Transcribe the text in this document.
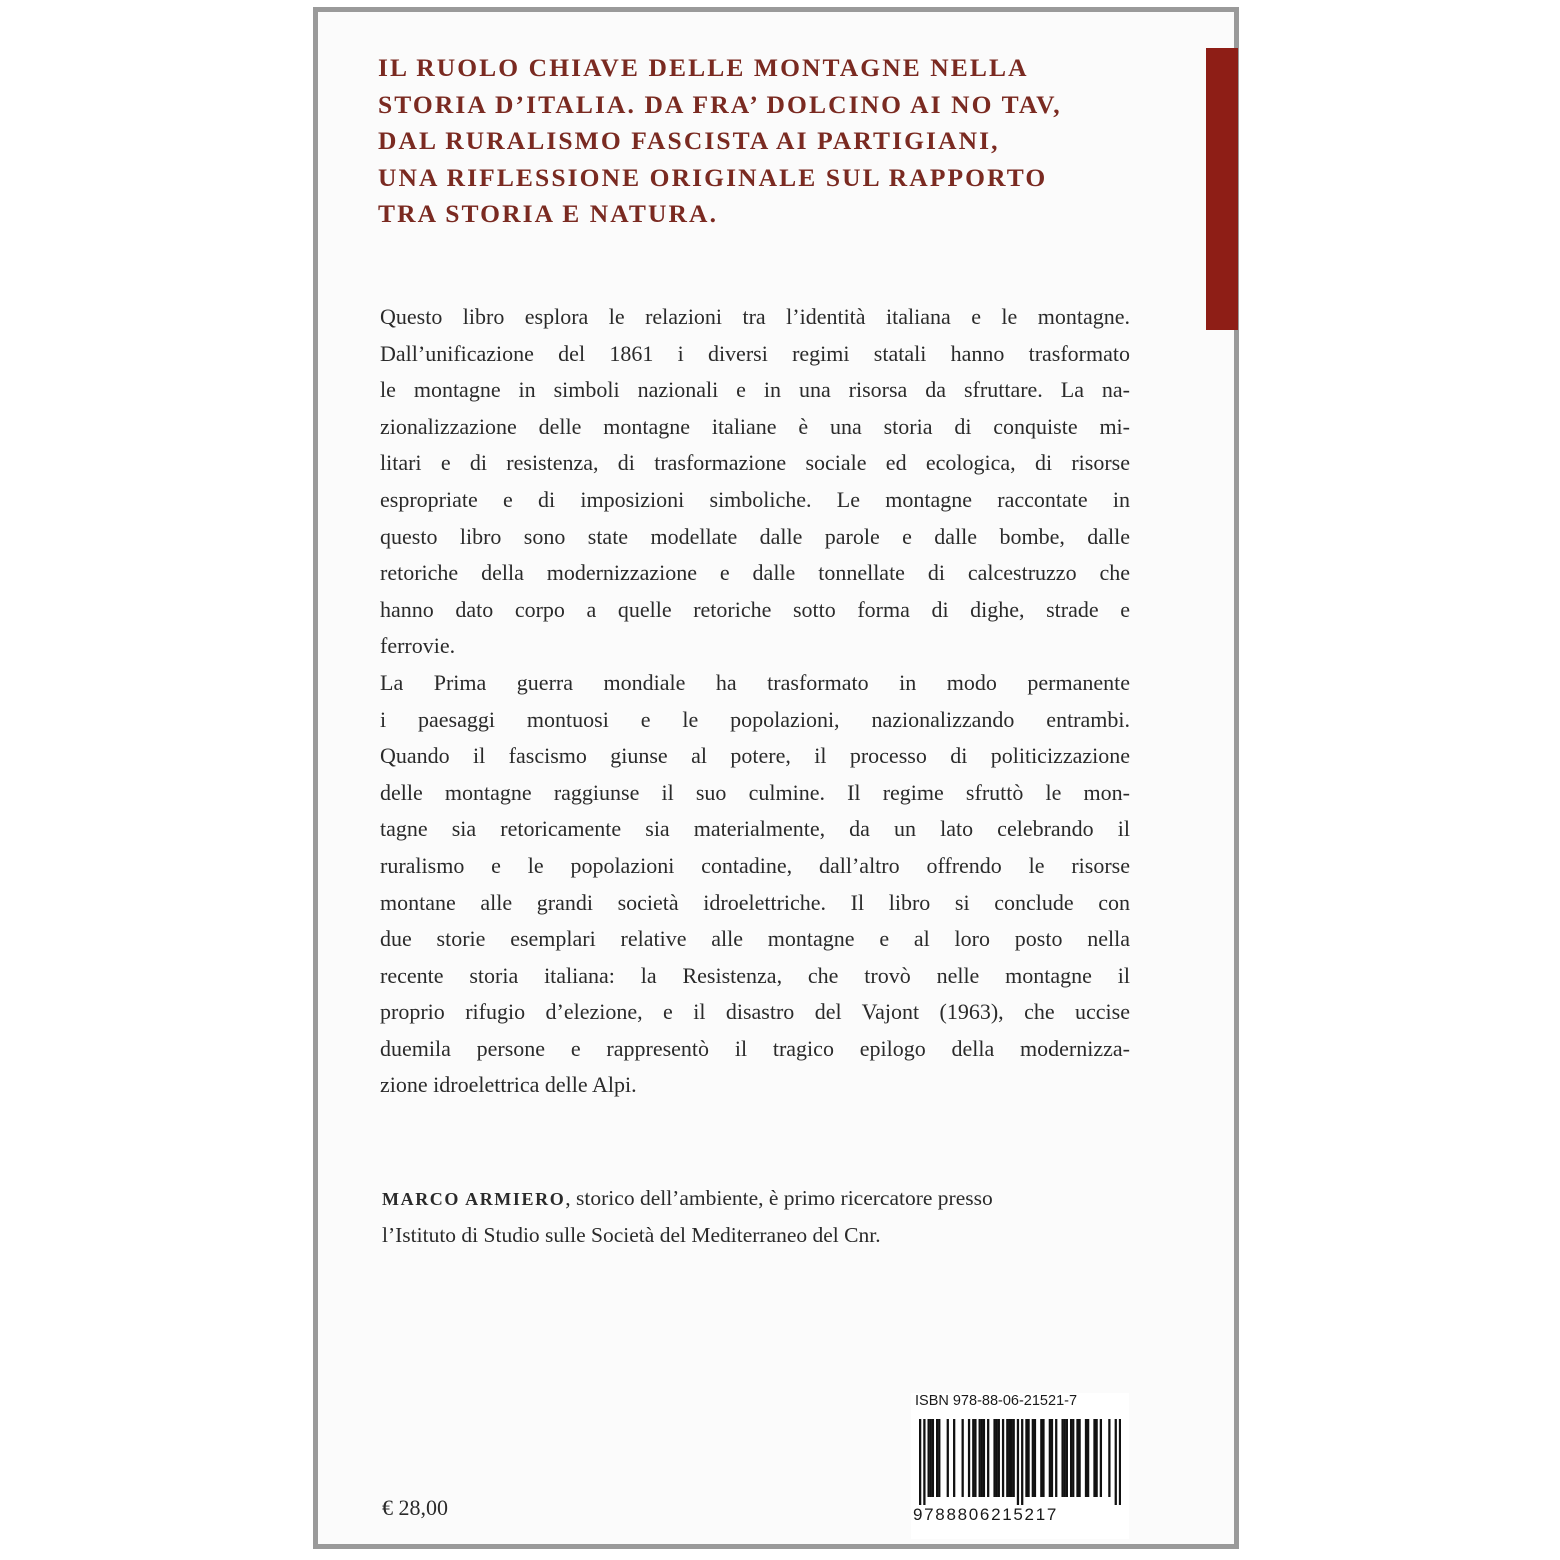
IL RUOLO CHIAVE DELLE MONTAGNE NELLA
STORIA D’ITALIA. DA FRA’ DOLCINO AI NO TAV,
DAL RURALISMO FASCISTA AI PARTIGIANI,
UNA RIFLESSIONE ORIGINALE SUL RAPPORTO
TRA STORIA E NATURA.
Questo libro esplora le relazioni tra l’identità italiana e le montagne.
Dall’unificazione del 1861 i diversi regimi statali hanno trasformato
le montagne in simboli nazionali e in una risorsa da sfruttare. La na-
zionalizzazione delle montagne italiane è una storia di conquiste mi-
litari e di resistenza, di trasformazione sociale ed ecologica, di risorse
espropriate e di imposizioni simboliche. Le montagne raccontate in
questo libro sono state modellate dalle parole e dalle bombe, dalle
retoriche della modernizzazione e dalle tonnellate di calcestruzzo che
hanno dato corpo a quelle retoriche sotto forma di dighe, strade e
ferrovie.
La Prima guerra mondiale ha trasformato in modo permanente
i paesaggi montuosi e le popolazioni, nazionalizzando entrambi.
Quando il fascismo giunse al potere, il processo di politicizzazione
delle montagne raggiunse il suo culmine. Il regime sfruttò le mon-
tagne sia retoricamente sia materialmente, da un lato celebrando il
ruralismo e le popolazioni contadine, dall’altro offrendo le risorse
montane alle grandi società idroelettriche. Il libro si conclude con
due storie esemplari relative alle montagne e al loro posto nella
recente storia italiana: la Resistenza, che trovò nelle montagne il
proprio rifugio d’elezione, e il disastro del Vajont (1963), che uccise
duemila persone e rappresentò il tragico epilogo della modernizza-
zione idroelettrica delle Alpi.
MARCO ARMIERO, storico dell’ambiente, è primo ricercatore presso
l’Istituto di Studio sulle Società del Mediterraneo del Cnr.
€ 28,00
ISBN 978-88-06-21521-7
9788806215217
